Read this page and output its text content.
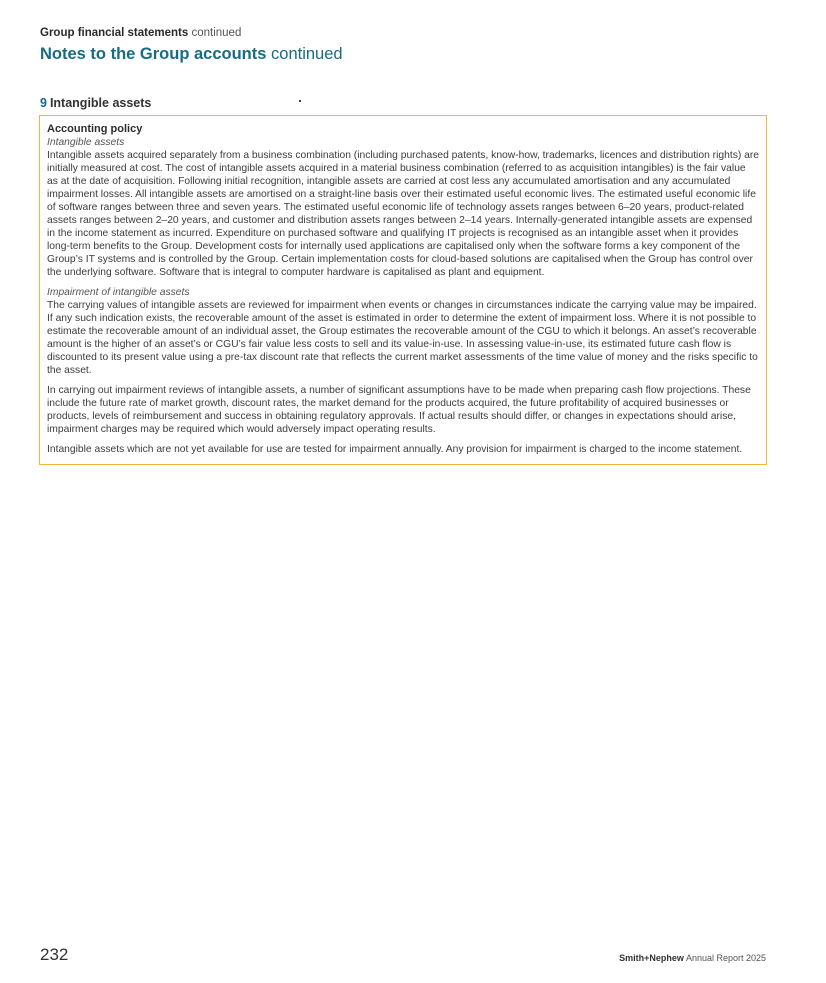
Group financial statements continued
Notes to the Group accounts continued
9 Intangible assets
Accounting policy
Intangible assets

Intangible assets acquired separately from a business combination (including purchased patents, know-how, trademarks, licences and distribution rights) are initially measured at cost. The cost of intangible assets acquired in a material business combination (referred to as acquisition intangibles) is the fair value as at the date of acquisition. Following initial recognition, intangible assets are carried at cost less any accumulated amortisation and any accumulated impairment losses. All intangible assets are amortised on a straight-line basis over their estimated useful economic lives. The estimated useful economic life of software ranges between three and seven years. The estimated useful economic life of technology assets ranges between 6–20 years, product-related assets ranges between 2–20 years, and customer and distribution assets ranges between 2–14 years. Internally-generated intangible assets are expensed in the income statement as incurred. Expenditure on purchased software and qualifying IT projects is recognised as an intangible asset when it provides long-term benefits to the Group. Development costs for internally used applications are capitalised only when the software forms a key component of the Group’s IT systems and is controlled by the Group. Certain implementation costs for cloud-based solutions are capitalised when the Group has control over the underlying software. Software that is integral to computer hardware is capitalised as plant and equipment.

Impairment of intangible assets

The carrying values of intangible assets are reviewed for impairment when events or changes in circumstances indicate the carrying value may be impaired. If any such indication exists, the recoverable amount of the asset is estimated in order to determine the extent of impairment loss. Where it is not possible to estimate the recoverable amount of an individual asset, the Group estimates the recoverable amount of the CGU to which it belongs. An asset’s recoverable amount is the higher of an asset’s or CGU’s fair value less costs to sell and its value-in-use. In assessing value-in-use, its estimated future cash flow is discounted to its present value using a pre-tax discount rate that reflects the current market assessments of the time value of money and the risks specific to the asset.

In carrying out impairment reviews of intangible assets, a number of significant assumptions have to be made when preparing cash flow projections. These include the future rate of market growth, discount rates, the market demand for the products acquired, the future profitability of acquired businesses or products, levels of reimbursement and success in obtaining regulatory approvals. If actual results should differ, or changes in expectations should arise, impairment charges may be required which would adversely impact operating results.

Intangible assets which are not yet available for use are tested for impairment annually. Any provision for impairment is charged to the income statement.

232	Smith+Nephew Annual Report 2025
